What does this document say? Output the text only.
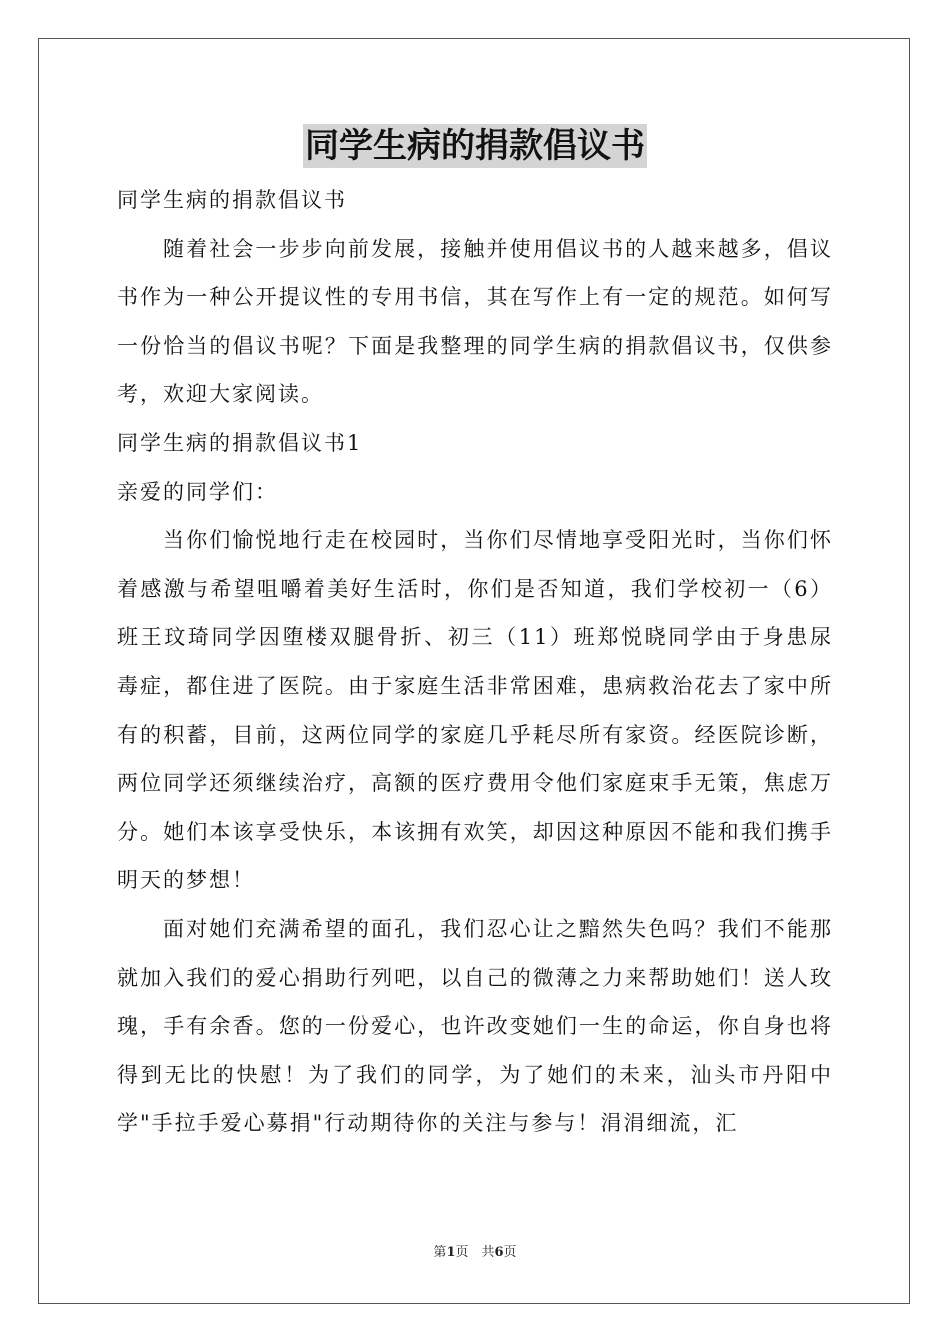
同学生病的捐款倡议书

同学生病的捐款倡议书

随着社会一步步向前发展，接触并使用倡议书的人越来越多，倡议书作为一种公开提议性的专用书信，其在写作上有一定的规范。如何写一份恰当的倡议书呢？下面是我整理的同学生病的捐款倡议书，仅供参考，欢迎大家阅读。

同学生病的捐款倡议书1

亲爱的同学们：

当你们愉悦地行走在校园时，当你们尽情地享受阳光时，当你们怀着感激与希望咀嚼着美好生活时，你们是否知道，我们学校初一（6）班王玟琦同学因堕楼双腿骨折、初三（11）班郑悦晓同学由于身患尿毒症，都住进了医院。由于家庭生活非常困难，患病救治花去了家中所有的积蓄，目前，这两位同学的家庭几乎耗尽所有家资。经医院诊断，两位同学还须继续治疗，高额的医疗费用令他们家庭束手无策，焦虑万分。她们本该享受快乐，本该拥有欢笑，却因这种原因不能和我们携手明天的梦想！

面对她们充满希望的面孔，我们忍心让之黯然失色吗？我们不能那就加入我们的爱心捐助行列吧，以自己的微薄之力来帮助她们！送人玫瑰，手有余香。您的一份爱心，也许改变她们一生的命运，你自身也将得到无比的快慰！为了我们的同学，为了她们的未来，汕头市丹阳中学"手拉手爱心募捐"行动期待你的关注与参与！涓涓细流，汇

第1页　共6页
